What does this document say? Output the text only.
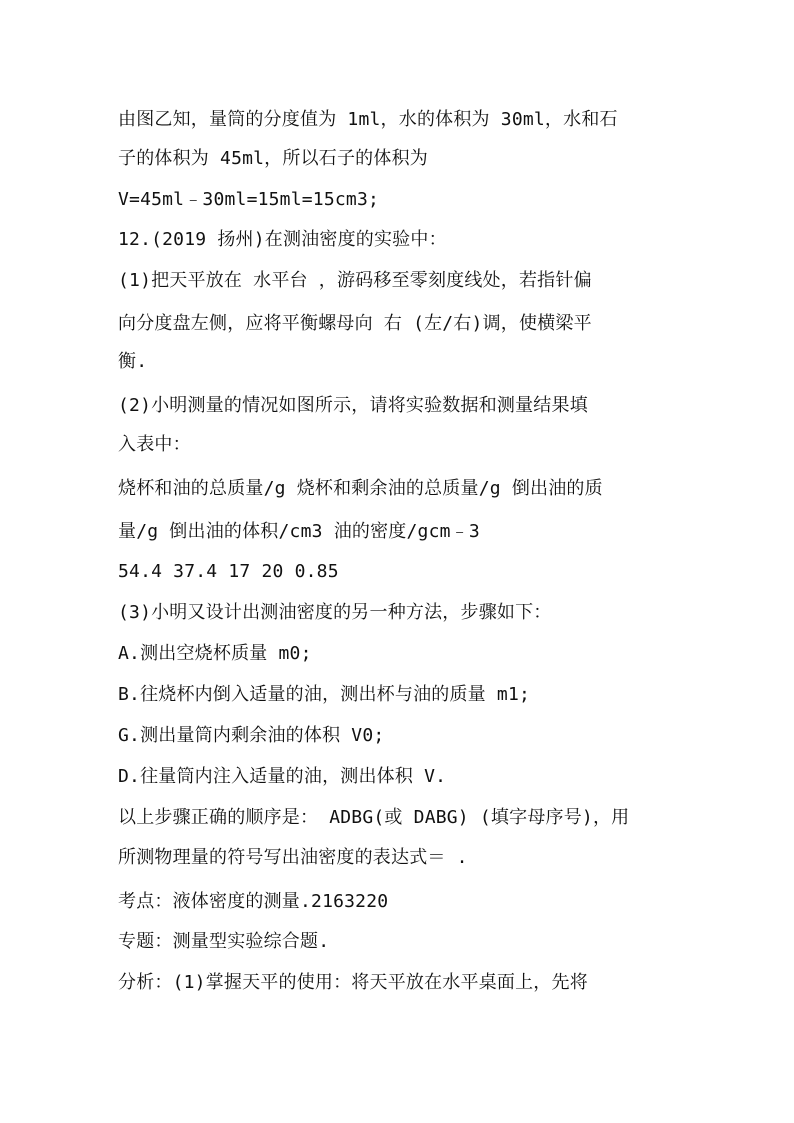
由图乙知，量筒的分度值为 1ml，水的体积为 30ml，水和石
子的体积为 45ml，所以石子的体积为
V=45ml﹣30ml=15ml=15cm3;
12.(2019 扬州)在测油密度的实验中：
(1)把天平放在 水平台 ，游码移至零刻度线处，若指针偏
向分度盘左侧，应将平衡螺母向 右 (左/右)调，使横梁平
衡.
(2)小明测量的情况如图所示，请将实验数据和测量结果填
入表中：
烧杯和油的总质量/g 烧杯和剩余油的总质量/g 倒出油的质
量/g 倒出油的体积/cm3 油的密度/gcm﹣3
54.4 37.4 17 20 0.85
(3)小明又设计出测油密度的另一种方法，步骤如下：
A.测出空烧杯质量 m0;
B.往烧杯内倒入适量的油，测出杯与油的质量 m1;
G.测出量筒内剩余油的体积 V0;
D.往量筒内注入适量的油，测出体积 V.
以上步骤正确的顺序是： ADBG(或 DABG) (填字母序号)，用
所测物理量的符号写出油密度的表达式＝ .
考点：液体密度的测量.2163220
专题：测量型实验综合题.
分析：(1)掌握天平的使用：将天平放在水平桌面上，先将
